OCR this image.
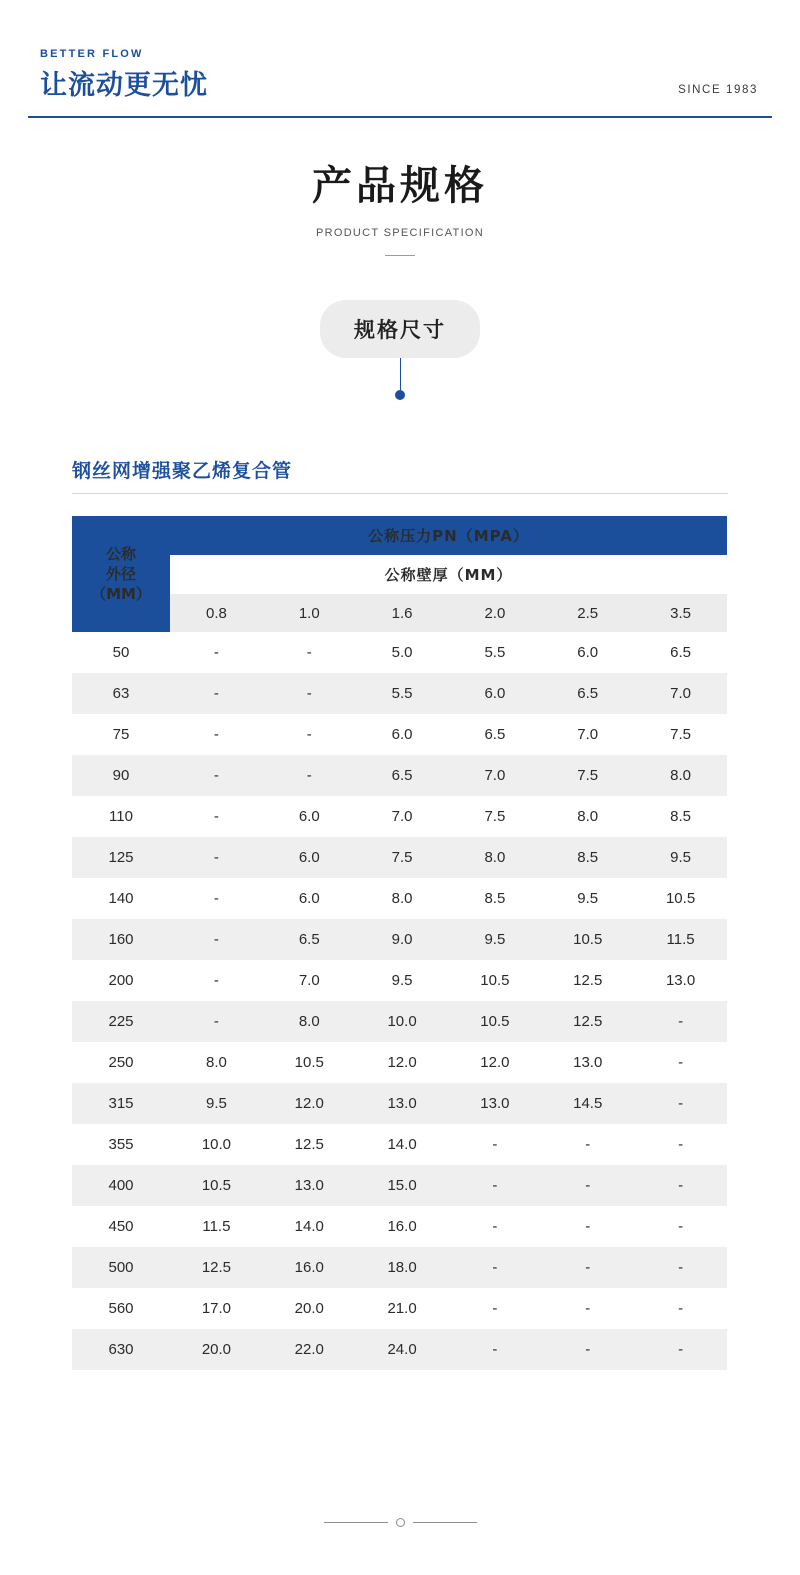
BETTER FLOW
让流动更无忧	SINCE 1983
产品规格
PRODUCT SPECIFICATION
规格尺寸
钢丝网增强聚乙烯复合管
公称
外径
（MM）	公称压力PN（MPA）					
	公称壁厚（MM）					
	0.8	1.0	1.6	2.0	2.5	3.5
50	-	-	5.0	5.5	6.0	6.5
63	-	-	5.5	6.0	6.5	7.0
75	-	-	6.0	6.5	7.0	7.5
90	-	-	6.5	7.0	7.5	8.0
110	-	6.0	7.0	7.5	8.0	8.5
125	-	6.0	7.5	8.0	8.5	9.5
140	-	6.0	8.0	8.5	9.5	10.5
160	-	6.5	9.0	9.5	10.5	11.5
200	-	7.0	9.5	10.5	12.5	13.0
225	-	8.0	10.0	10.5	12.5	-
250	8.0	10.5	12.0	12.0	13.0	-
315	9.5	12.0	13.0	13.0	14.5	-
355	10.0	12.5	14.0	-	-	-
400	10.5	13.0	15.0	-	-	-
450	11.5	14.0	16.0	-	-	-
500	12.5	16.0	18.0	-	-	-
560	17.0	20.0	21.0	-	-	-
630	20.0	22.0	24.0	-	-	-
